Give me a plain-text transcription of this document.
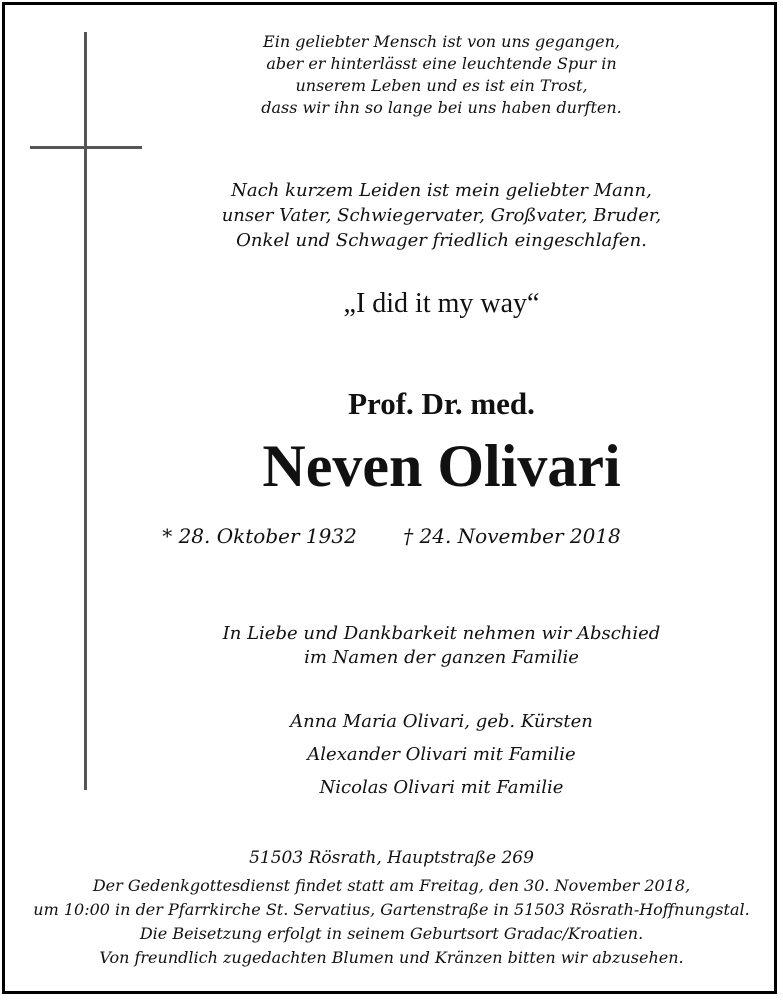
Ein geliebter Mensch ist von uns gegangen,
aber er hinterlässt eine leuchtende Spur in
unserem Leben und es ist ein Trost,
dass wir ihn so lange bei uns haben durften.
Nach kurzem Leiden ist mein geliebter Mann,
unser Vater, Schwiegervater, Großvater, Bruder,
Onkel und Schwager friedlich eingeschlafen.
„I did it my way“
Prof. Dr. med.
Neven Olivari
* 28. Oktober 1932 † 24. November 2018
In Liebe und Dankbarkeit nehmen wir Abschied
im Namen der ganzen Familie
Anna Maria Olivari, geb. Kürsten
Alexander Olivari mit Familie
Nicolas Olivari mit Familie
51503 Rösrath, Hauptstraße 269
Der Gedenkgottesdienst findet statt am Freitag, den 30. November 2018,
um 10:00 in der Pfarrkirche St. Servatius, Gartenstraße in 51503 Rösrath-Hoffnungstal.
Die Beisetzung erfolgt in seinem Geburtsort Gradac/Kroatien.
Von freundlich zugedachten Blumen und Kränzen bitten wir abzusehen.
